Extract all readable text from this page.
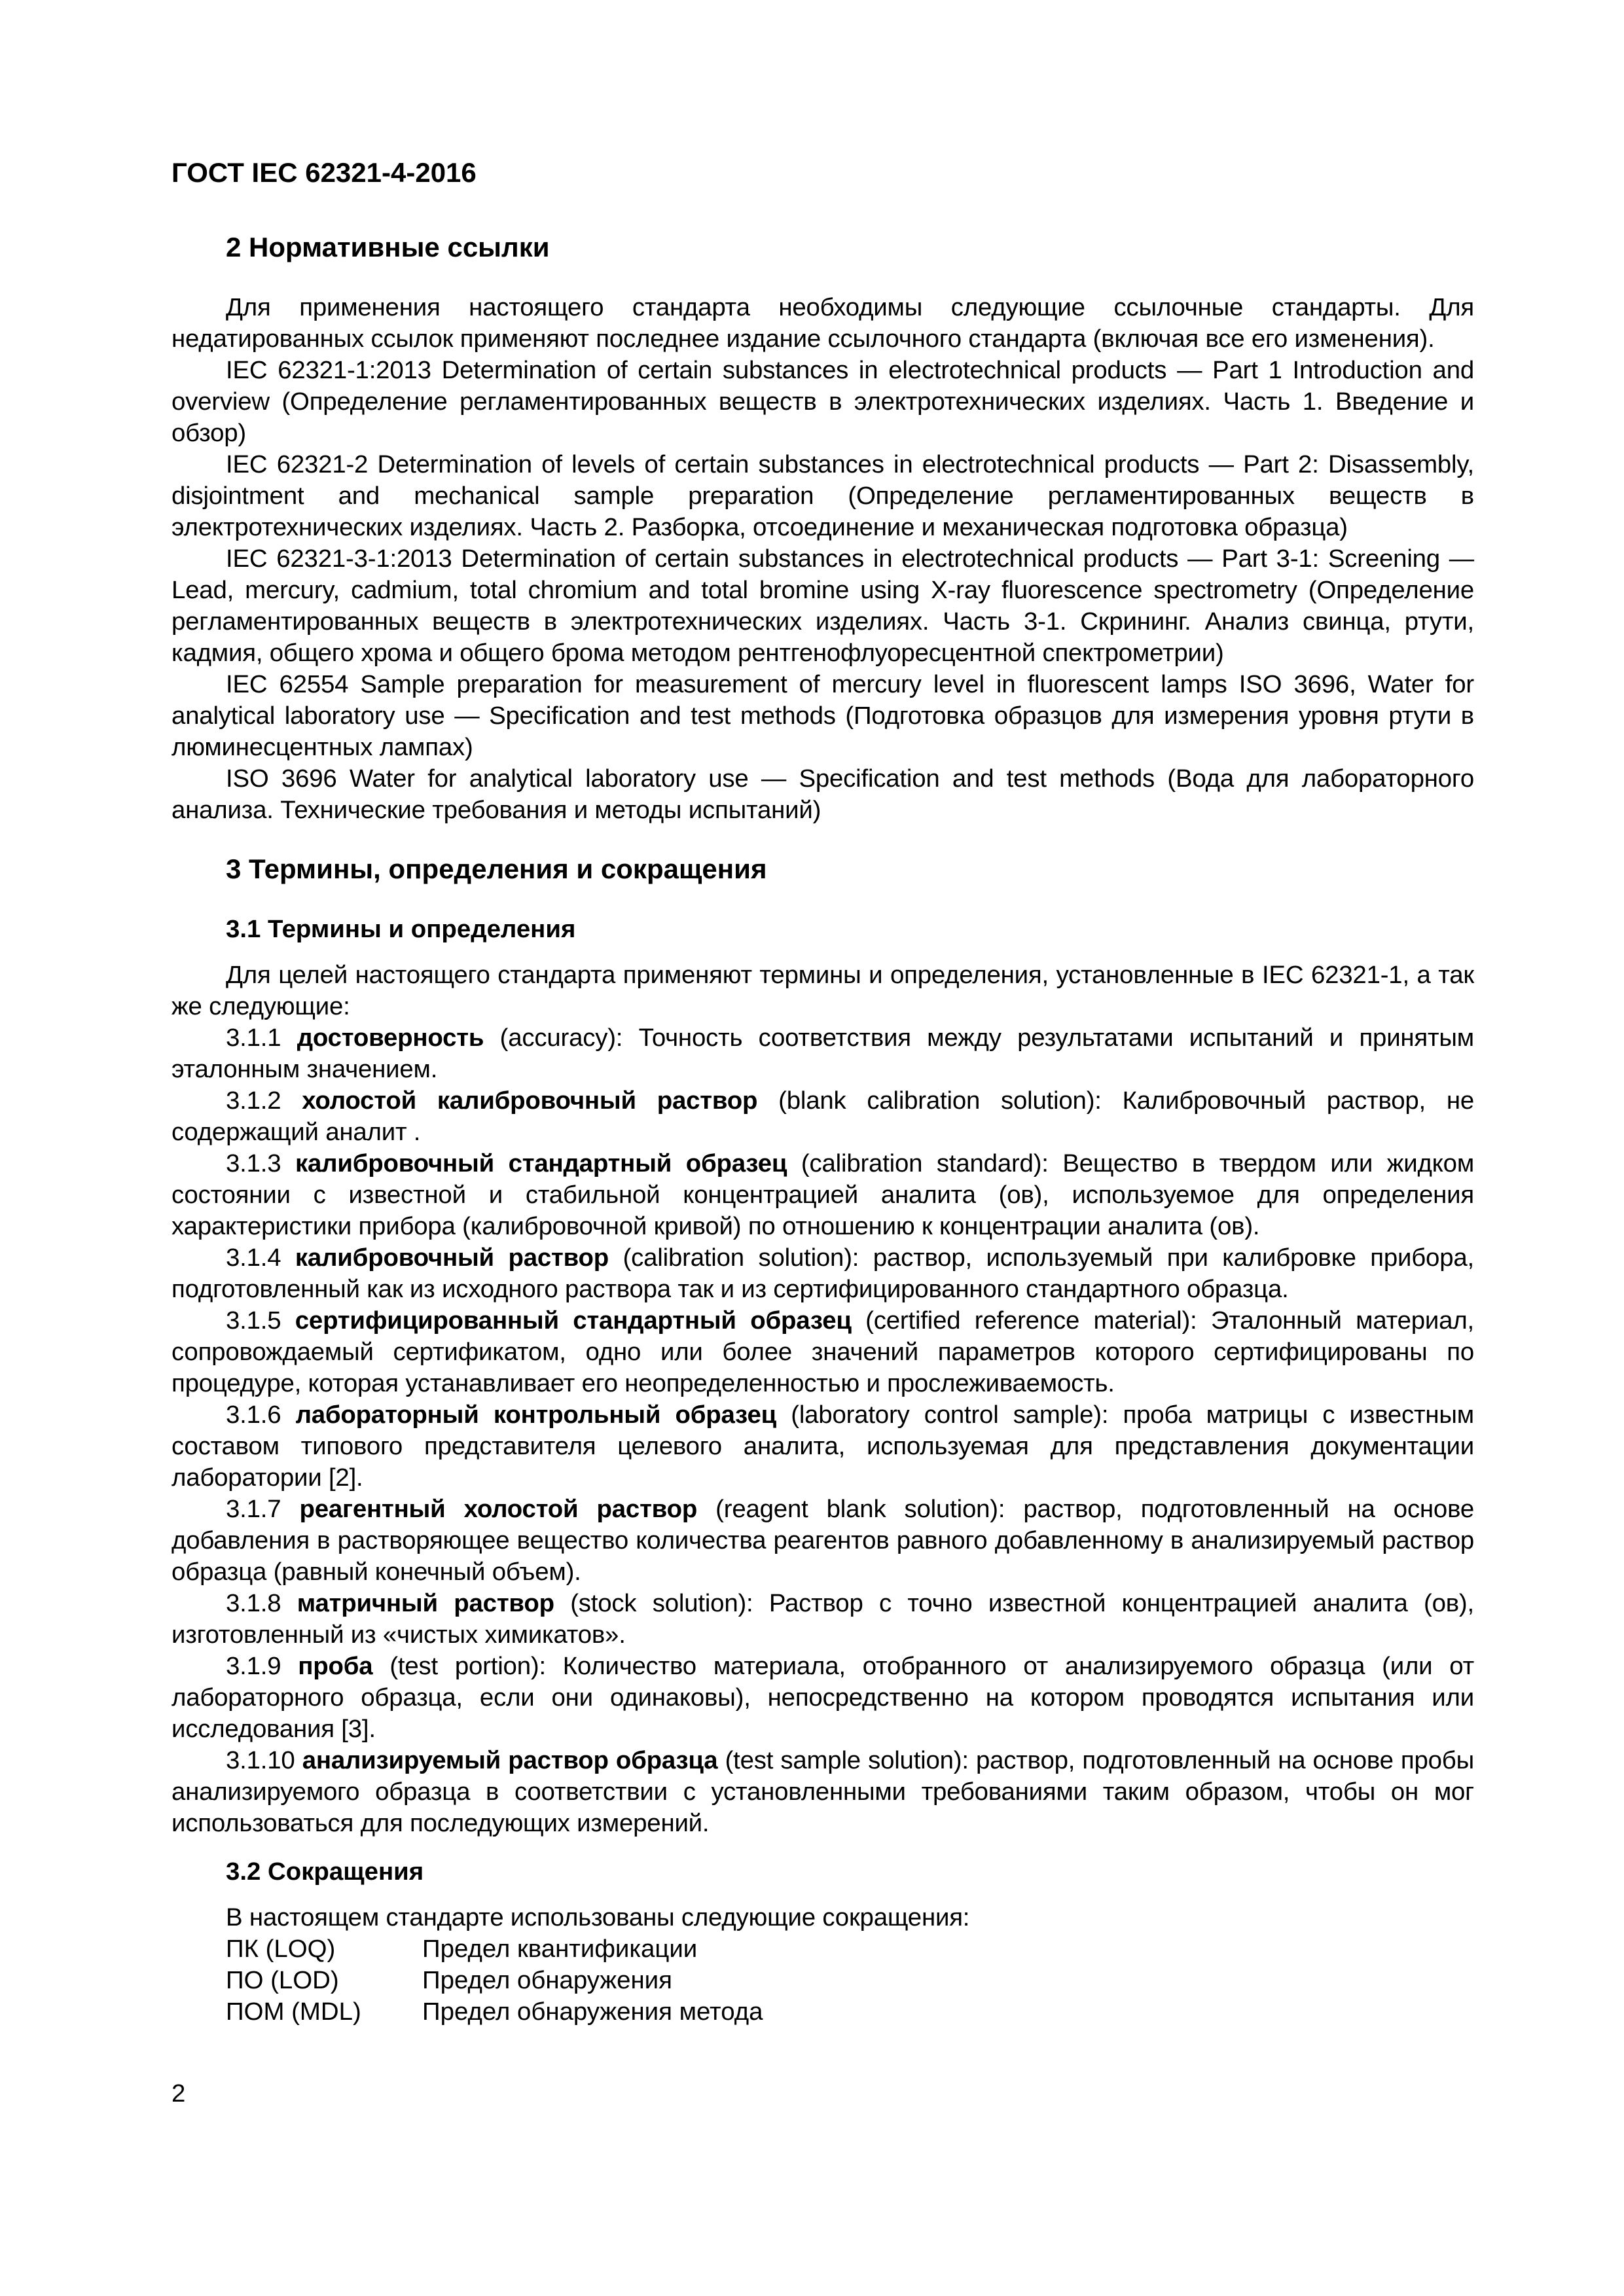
ГОСТ IEC 62321-4-2016
2 Нормативные ссылки

Для применения настоящего стандарта необходимы следующие ссылочные стандарты. Для недатированных ссылок применяют последнее издание ссылочного стандарта (включая все его изменения).

IEC 62321-1:2013 Determination of certain substances in electrotechnical products — Part 1 Introduction and overview (Определение регламентированных веществ в электротехнических изделиях. Часть 1. Введение и обзор)

IEC 62321-2 Determination of levels of certain substances in electrotechnical products — Part 2: Disassembly, disjointment and mechanical sample preparation (Определение регламентированных веществ в электротехнических изделиях. Часть 2. Разборка, отсоединение и механическая подготовка образца)

IEC 62321-3-1:2013 Determination of certain substances in electrotechnical products — Part 3-1: Screening — Lead, mercury, cadmium, total chromium and total bromine using X-ray fluorescence spectrometry (Определение регламентированных веществ в электротехнических изделиях. Часть 3-1. Скрининг. Анализ свинца, ртути, кадмия, общего хрома и общего брома методом рентгенофлуоресцентной спектрометрии)

IEC 62554 Sample preparation for measurement of mercury level in fluorescent lamps ISO 3696, Water for analytical laboratory use — Specification and test methods (Подготовка образцов для измерения уровня ртути в люминесцентных лампах)

ISO 3696 Water for analytical laboratory use — Specification and test methods (Вода для лабораторного анализа. Технические требования и методы испытаний)

3 Термины, определения и сокращения
3.1 Термины и определения

Для целей настоящего стандарта применяют термины и определения, установленные в IEC 62321-1, а так же следующие:

3.1.1 достоверность (accuracy): Точность соответствия между результатами испытаний и принятым эталонным значением.

3.1.2 холостой калибровочный раствор (blank calibration solution): Калибровочный раствор, не содержащий аналит .

3.1.3 калибровочный стандартный образец (calibration standard): Вещество в твердом или жидком состоянии с известной и стабильной концентрацией аналита (ов), используемое для определения характеристики прибора (калибровочной кривой) по отношению к концентрации аналита (ов).

3.1.4 калибровочный раствор (calibration solution): раствор, используемый при калибровке прибора, подготовленный как из исходного раствора так и из сертифицированного стандартного образца.

3.1.5 сертифицированный стандартный образец (certified reference material): Эталонный материал, сопровождаемый сертификатом, одно или более значений параметров которого сертифицированы по процедуре, которая устанавливает его неопределенностью и прослеживаемость.

3.1.6 лабораторный контрольный образец (laboratory control sample): проба матрицы с известным составом типового представителя целевого аналита, используемая для представления документации лаборатории [2].

3.1.7 реагентный холостой раствор (reagent blank solution): раствор, подготовленный на основе добавления в растворяющее вещество количества реагентов равного добавленному в анализируемый раствор образца (равный конечный объем).

3.1.8 матричный раствор (stock solution): Раствор с точно известной концентрацией аналита (ов), изготовленный из «чистых химикатов».

3.1.9 проба (test portion): Количество материала, отобранного от анализируемого образца (или от лабораторного образца, если они одинаковы), непосредственно на котором проводятся испытания или исследования [3].

3.1.10 анализируемый раствор образца (test sample solution): раствор, подготовленный на основе пробы анализируемого образца в соответствии с установленными требованиями таким образом, чтобы он мог использоваться для последующих измерений.

3.2 Сокращения

В настоящем стандарте использованы следующие сокращения:

ПК (LOQ)	Предел квантификации
ПО (LOD)	Предел обнаружения
ПОМ (MDL)	Предел обнаружения метода
2
